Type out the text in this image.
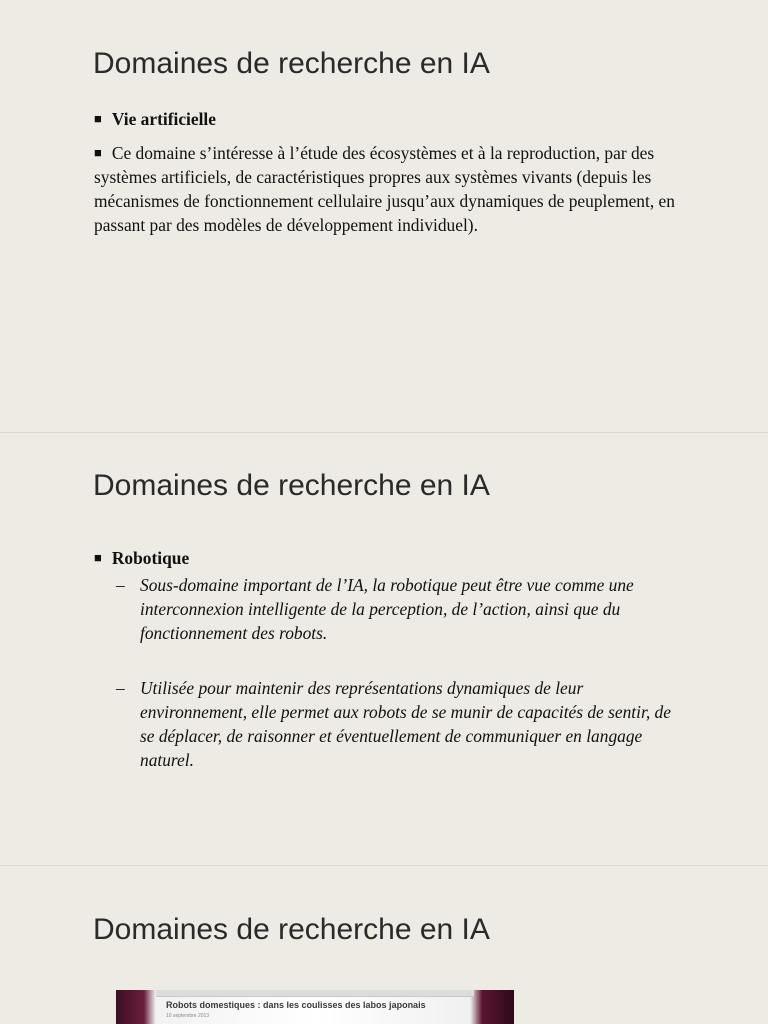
Domaines de recherche en IA
■ Vie artificielle

■ Ce domaine s’intéresse à l’étude des écosystèmes et à la reproduction, par des systèmes artificiels, de caractéristiques propres aux systèmes vivants (depuis les mécanismes de fonctionnement cellulaire jusqu’aux dynamiques de peuplement, en passant par des modèles de développement individuel).

Domaines de recherche en IA
■ Robotique
– Sous-domaine important de l’IA, la robotique peut être vue comme une interconnexion intelligente de la perception, de l’action, ainsi que du fonctionnement des robots.
– Utilisée pour maintenir des représentations dynamiques de leur environnement, elle permet aux robots de se munir de capacités de sentir, de se déplacer, de raisonner et éventuellement de communiquer en langage naturel.
Domaines de recherche en IA
Robots domestiques : dans les coulisses des labos japonais
10 septembre 2013
